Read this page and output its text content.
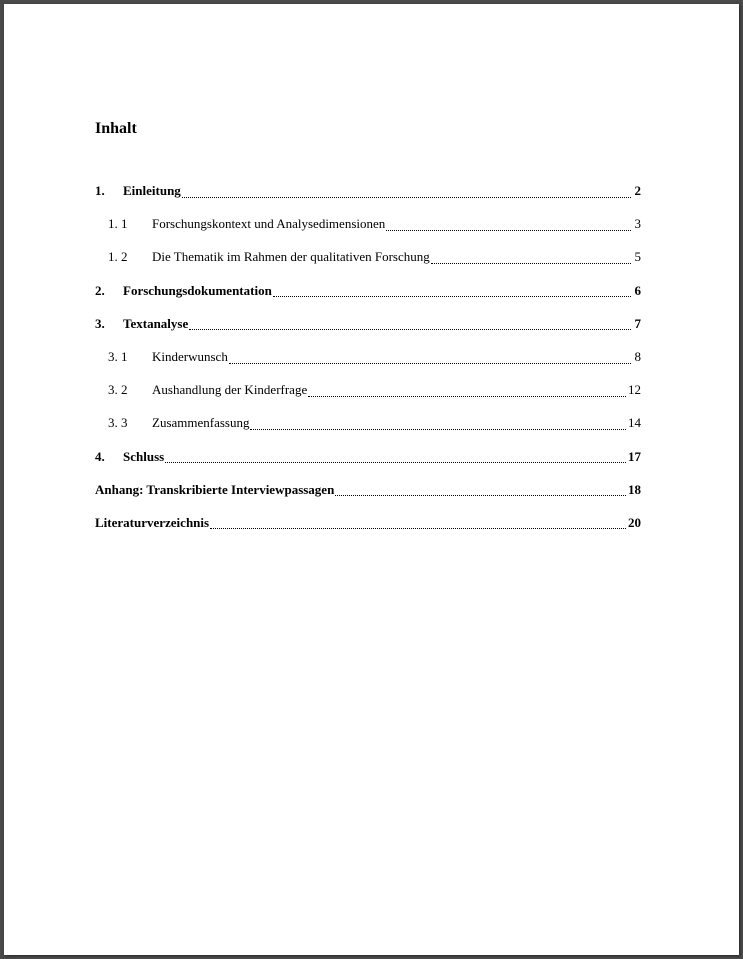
Inhalt
1.	Einleitung	2
1. 1	Forschungskontext und Analysedimensionen	3
1. 2	Die Thematik im Rahmen der qualitativen Forschung	5
2.	Forschungsdokumentation	6
3.	Textanalyse	7
3. 1	Kinderwunsch	8
3. 2	Aushandlung der Kinderfrage	12
3. 3	Zusammenfassung	14
4.	Schluss	17
Anhang: Transkribierte Interviewpassagen	18
Literaturverzeichnis	20
